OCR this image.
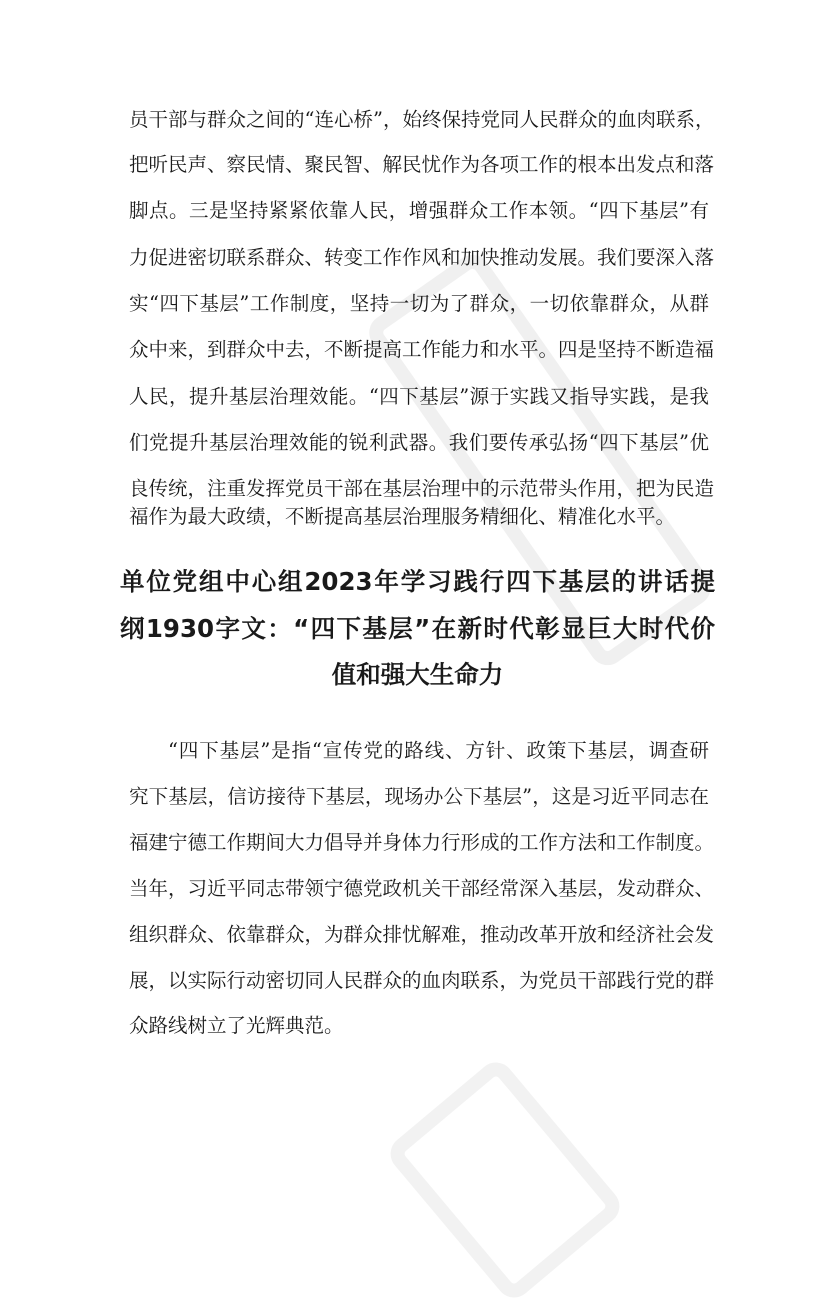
员干部与群众之间的“连心桥”，始终保持党同人民群众的血肉联系，
把听民声、察民情、聚民智、解民忧作为各项工作的根本出发点和落
脚点。三是坚持紧紧依靠人民，增强群众工作本领。“四下基层”有
力促进密切联系群众、转变工作作风和加快推动发展。我们要深入落
实“四下基层”工作制度，坚持一切为了群众，一切依靠群众，从群
众中来，到群众中去，不断提高工作能力和水平。四是坚持不断造福
人民，提升基层治理效能。“四下基层”源于实践又指导实践，是我
们党提升基层治理效能的锐利武器。我们要传承弘扬“四下基层”优
良传统，注重发挥党员干部在基层治理中的示范带头作用，把为民造
福作为最大政绩，不断提高基层治理服务精细化、精准化水平。
单位党组中心组2023年学习践行四下基层的讲话提
纲1930字文：“四下基层”在新时代彰显巨大时代价
值和强大生命力
“四下基层”是指“宣传党的路线、方针、政策下基层，调查研
究下基层，信访接待下基层，现场办公下基层”，这是习近平同志在
福建宁德工作期间大力倡导并身体力行形成的工作方法和工作制度。
当年，习近平同志带领宁德党政机关干部经常深入基层，发动群众、
组织群众、依靠群众，为群众排忧解难，推动改革开放和经济社会发
展，以实际行动密切同人民群众的血肉联系，为党员干部践行党的群
众路线树立了光辉典范。
